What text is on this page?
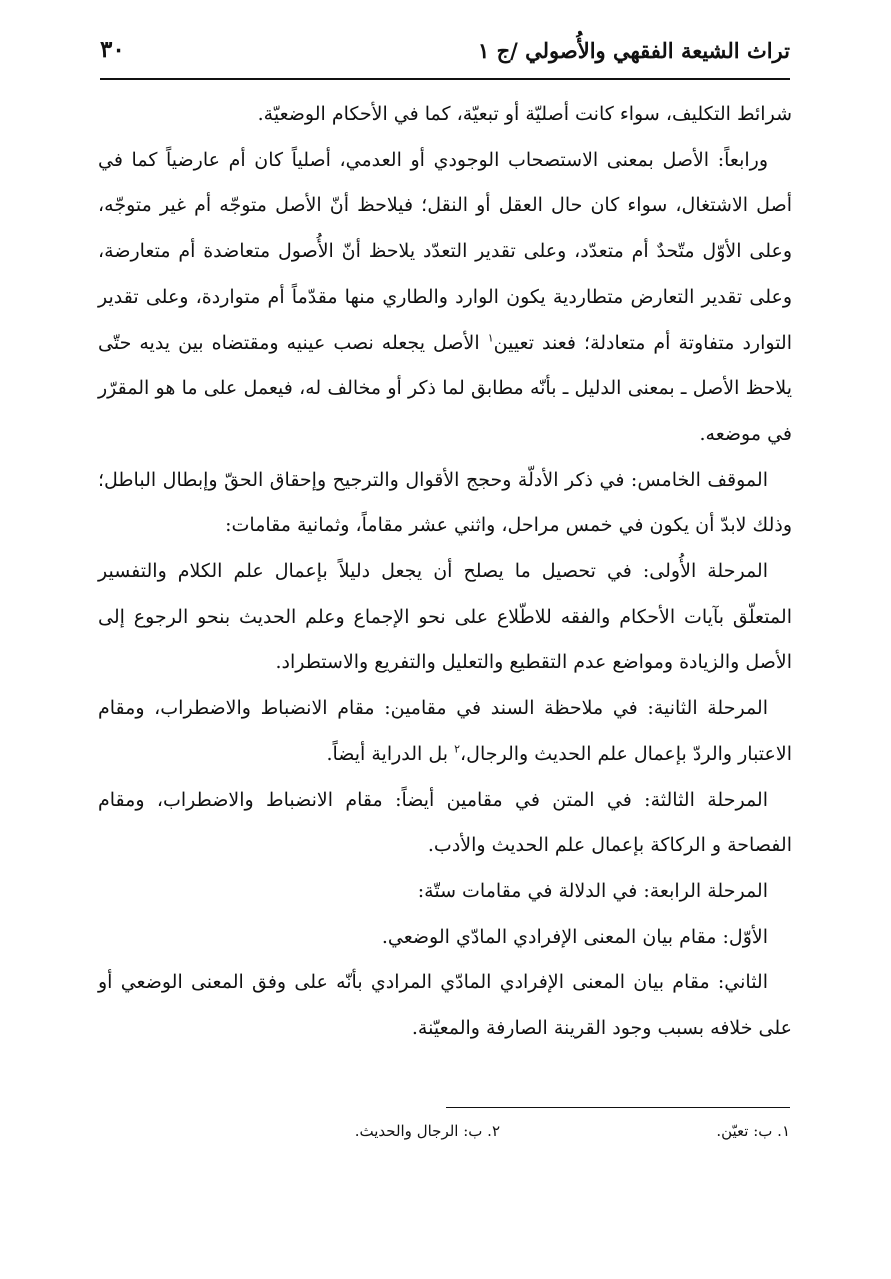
تراث الشيعة الفقهي والأُصولي /ج ١
٣٠

شرائط التكليف، سواء كانت أصليّة أو تبعيّة، كما في الأحكام الوضعيّة.

ورابعاً: الأصل بمعنى الاستصحاب الوجودي أو العدمي، أصلياً كان أم عارضياً كما في أصل الاشتغال، سواء كان حال العقل أو النقل؛ فيلاحظ أنّ الأصل متوجّه أم غير متوجّه، وعلى الأوّل متّحدٌ أم متعدّد، وعلى تقدير التعدّد يلاحظ أنّ الأُصول متعاضدة أم متعارضة، وعلى تقدير التعارض متطاردية يكون الوارد والطاري منها مقدّماً أم متواردة، وعلى تقدير التوارد متفاوتة أم متعادلة؛ فعند تعيين$^١$ الأصل يجعله نصب عينيه ومقتضاه بين يديه حتّى يلاحظ الأصل ـ بمعنى الدليل ـ بأنّه مطابق لما ذكر أو مخالف له، فيعمل على ما هو المقرّر في موضعه.

الموقف الخامس: في ذكر الأدلّة وحجج الأقوال والترجيح وإحقاق الحقّ وإبطال الباطل؛ وذلك لابدّ أن يكون في خمس مراحل، واثني عشر مقاماً، وثمانية مقامات:

المرحلة الأُولى: في تحصيل ما يصلح أن يجعل دليلاً بإعمال علم الكلام والتفسير المتعلّق بآيات الأحكام والفقه للاطّلاع على نحو الإجماع وعلم الحديث بنحو الرجوع إلى الأصل والزيادة ومواضع عدم التقطيع والتعليل والتفريع والاستطراد.

المرحلة الثانية: في ملاحظة السند في مقامين: مقام الانضباط والاضطراب، ومقام الاعتبار والردّ بإعمال علم الحديث والرجال،$^٢$ بل الدراية أيضاً.

المرحلة الثالثة: في المتن في مقامين أيضاً: مقام الانضباط والاضطراب، ومقام الفصاحة و الركاكة بإعمال علم الحديث والأدب.

المرحلة الرابعة: في الدلالة في مقامات ستّة:

الأوّل: مقام بيان المعنى الإفرادي المادّي الوضعي.

الثاني: مقام بيان المعنى الإفرادي المادّي المرادي بأنّه على وفق المعنى الوضعي أو على خلافه بسبب وجود القرينة الصارفة والمعيّنة.

١. ب: تعيّن.
٢. ب: الرجال والحديث.
